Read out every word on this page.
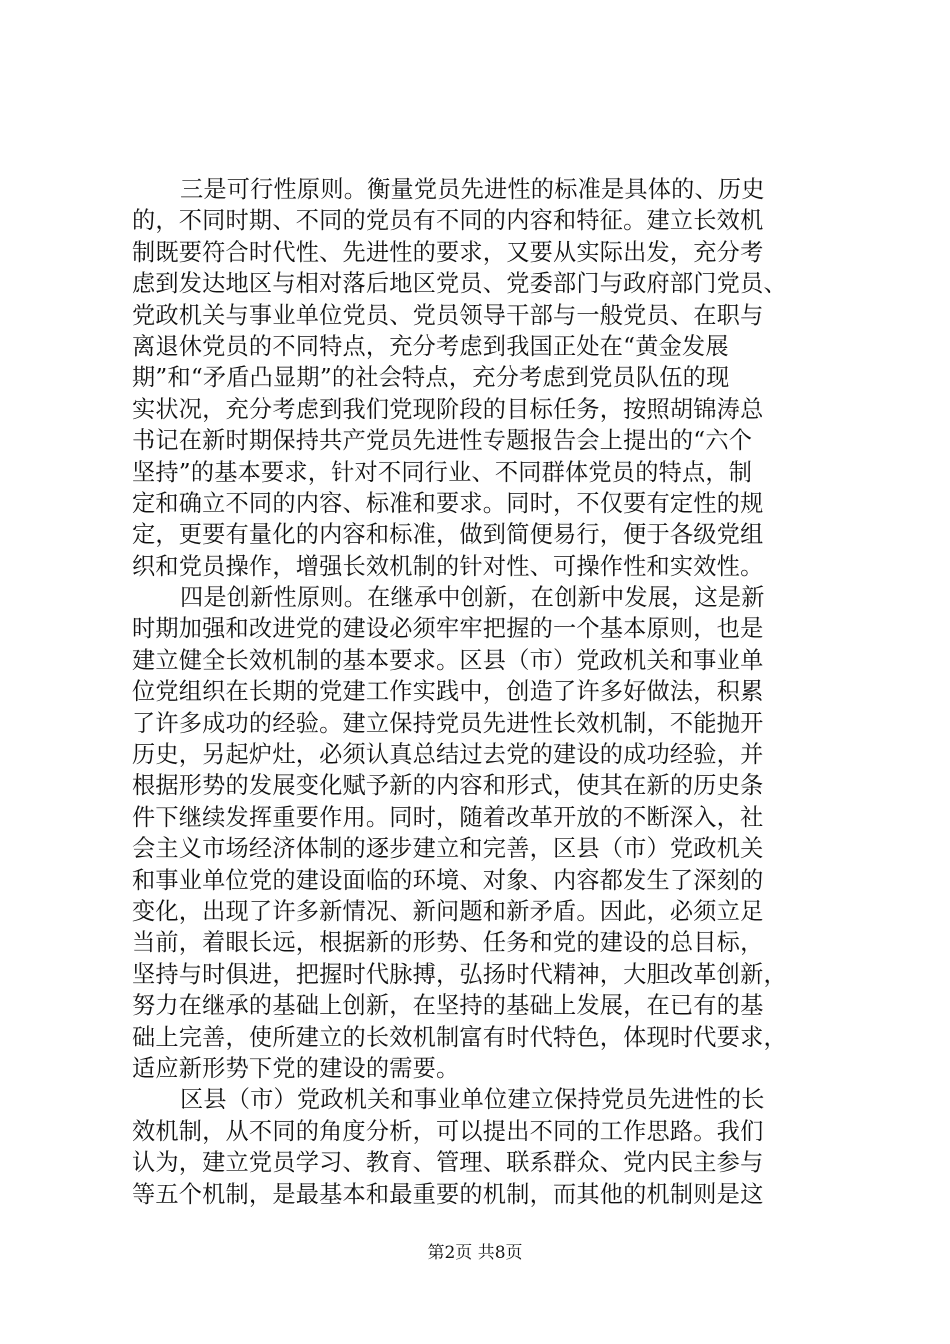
三是可行性原则。衡量党员先进性的标准是具体的、历史
的，不同时期、不同的党员有不同的内容和特征。建立长效机
制既要符合时代性、先进性的要求，又要从实际出发，充分考
虑到发达地区与相对落后地区党员、党委部门与政府部门党员、
党政机关与事业单位党员、党员领导干部与一般党员、在职与
离退休党员的不同特点，充分考虑到我国正处在“黄金发展
期”和“矛盾凸显期”的社会特点，充分考虑到党员队伍的现
实状况，充分考虑到我们党现阶段的目标任务，按照胡锦涛总
书记在新时期保持共产党员先进性专题报告会上提出的“六个
坚持”的基本要求，针对不同行业、不同群体党员的特点，制
定和确立不同的内容、标准和要求。同时，不仅要有定性的规
定，更要有量化的内容和标准，做到简便易行，便于各级党组
织和党员操作，增强长效机制的针对性、可操作性和实效性。
四是创新性原则。在继承中创新，在创新中发展，这是新
时期加强和改进党的建设必须牢牢把握的一个基本原则，也是
建立健全长效机制的基本要求。区县（市）党政机关和事业单
位党组织在长期的党建工作实践中，创造了许多好做法，积累
了许多成功的经验。建立保持党员先进性长效机制，不能抛开
历史，另起炉灶，必须认真总结过去党的建设的成功经验，并
根据形势的发展变化赋予新的内容和形式，使其在新的历史条
件下继续发挥重要作用。同时，随着改革开放的不断深入，社
会主义市场经济体制的逐步建立和完善，区县（市）党政机关
和事业单位党的建设面临的环境、对象、内容都发生了深刻的
变化，出现了许多新情况、新问题和新矛盾。因此，必须立足
当前，着眼长远，根据新的形势、任务和党的建设的总目标，
坚持与时俱进，把握时代脉搏，弘扬时代精神，大胆改革创新，
努力在继承的基础上创新，在坚持的基础上发展，在已有的基
础上完善，使所建立的长效机制富有时代特色，体现时代要求，
适应新形势下党的建设的需要。
区县（市）党政机关和事业单位建立保持党员先进性的长
效机制，从不同的角度分析，可以提出不同的工作思路。我们
认为，建立党员学习、教育、管理、联系群众、党内民主参与
等五个机制，是最基本和最重要的机制，而其他的机制则是这
第2页 共8页
